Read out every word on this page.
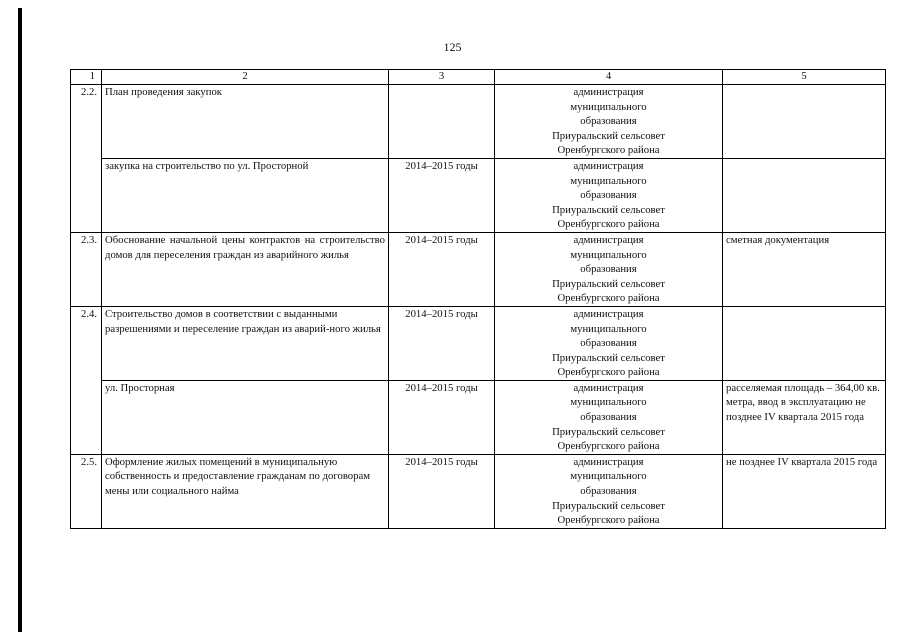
125
1	2	3	4	5
2.2.	План проведения закупок		администрация
муниципального
образования
Приуральский сельсовет
Оренбургского района	

	закупка на строительство по ул. Просторной	2014–2015 годы	администрация
муниципального
образования
Приуральский сельсовет
Оренбургского района	

2.3.	Обоснование начальной цены контрактов на строительство домов для переселения граждан из аварийного жилья	2014–2015 годы	администрация
муниципального
образования
Приуральский сельсовет
Оренбургского района	сметная документация
2.4.	Строительство домов в соответствии с выданными разрешениями и переселение граждан из аварий-ного жилья	2014–2015 годы	администрация
муниципального
образования
Приуральский сельсовет
Оренбургского района	

	ул. Просторная	2014–2015 годы	администрация
муниципального
образования
Приуральский сельсовет
Оренбургского района	расселяемая площадь – 364,00 кв. метра, ввод в эксплуатацию не позднее IV квартала 2015 года
2.5.	Оформление жилых помещений в муниципальную собственность и предоставление гражданам по договорам мены или социального найма	2014–2015 годы	администрация
муниципального
образования
Приуральский сельсовет
Оренбургского района	не позднее IV квартала 2015 года
